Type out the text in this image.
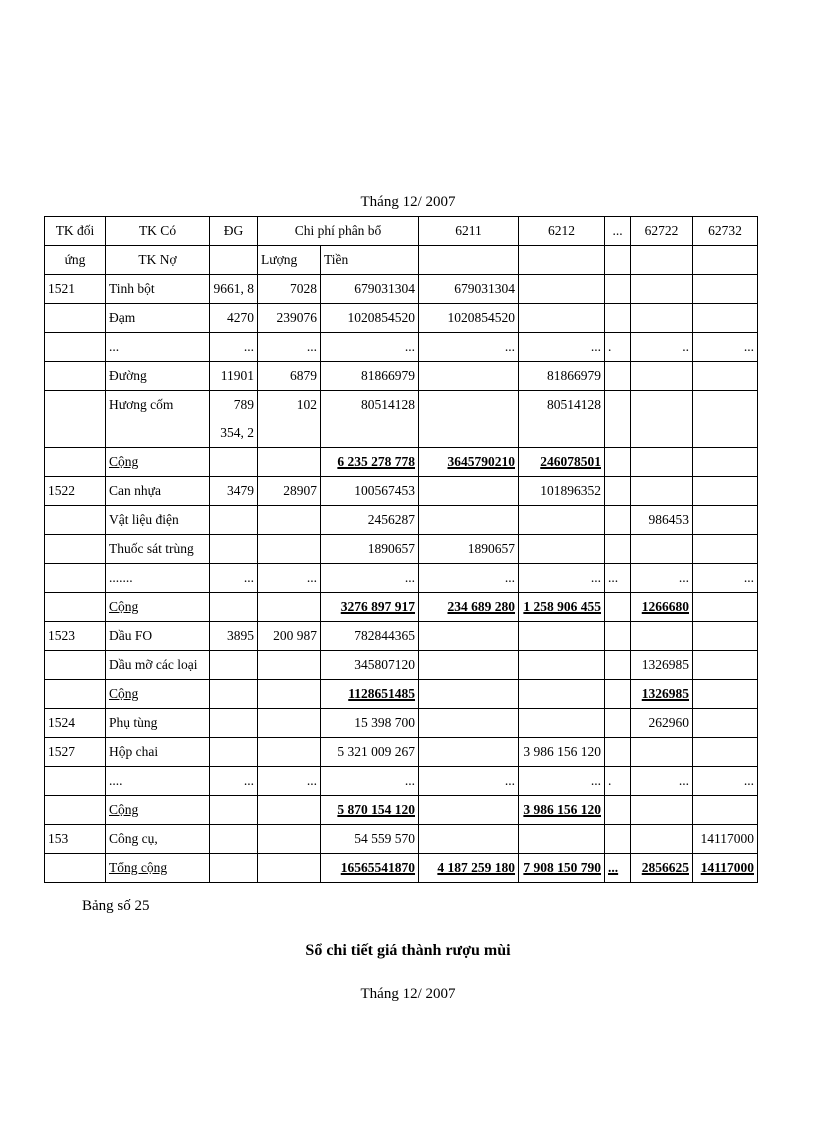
Tháng 12/ 2007
TK đối	TK Có	ĐG	Chi phí phân bổ		6211	6212	...	62722	62732
ứng	TK Nợ		Lượng	Tiền					
1521	Tinh bột	9661, 8	7028	679031304	679031304				
	Đạm	4270	239076	1020854520	1020854520				
	...	...	...	...	...	...	.	..	...
	Đường	11901	6879	81866979		81866979			
	Hương cốm	789
354, 2	102	80514128		80514128			
	Cộng			6 235 278 778	3645790210	246078501			
1522	Can nhựa	3479	28907	100567453		101896352			
	Vật liệu điện			2456287				986453	
	Thuốc sát trùng			1890657	1890657				
	.......	...	...	...	...	...	...	...	...
	Cộng			3276 897 917	234 689 280	1 258 906 455		1266680	
1523	Dầu FO	3895	200 987	782844365					
	Dầu mỡ các loại			345807120				1326985	
	Cộng			1128651485				1326985	
1524	Phụ tùng			15 398 700				262960	
1527	Hộp chai			5 321 009 267		3 986 156 120			
	....	...	...	...	...	...	.	...	...
	Cộng			5 870 154 120		3 986 156 120			
153	Công cụ,			54 559 570					14117000
	Tổng cộng			16565541870	4 187 259 180	7 908 150 790	...	2856625	14117000
Bảng số 25
Sổ chi tiết giá thành rượu mùi
Tháng 12/ 2007
